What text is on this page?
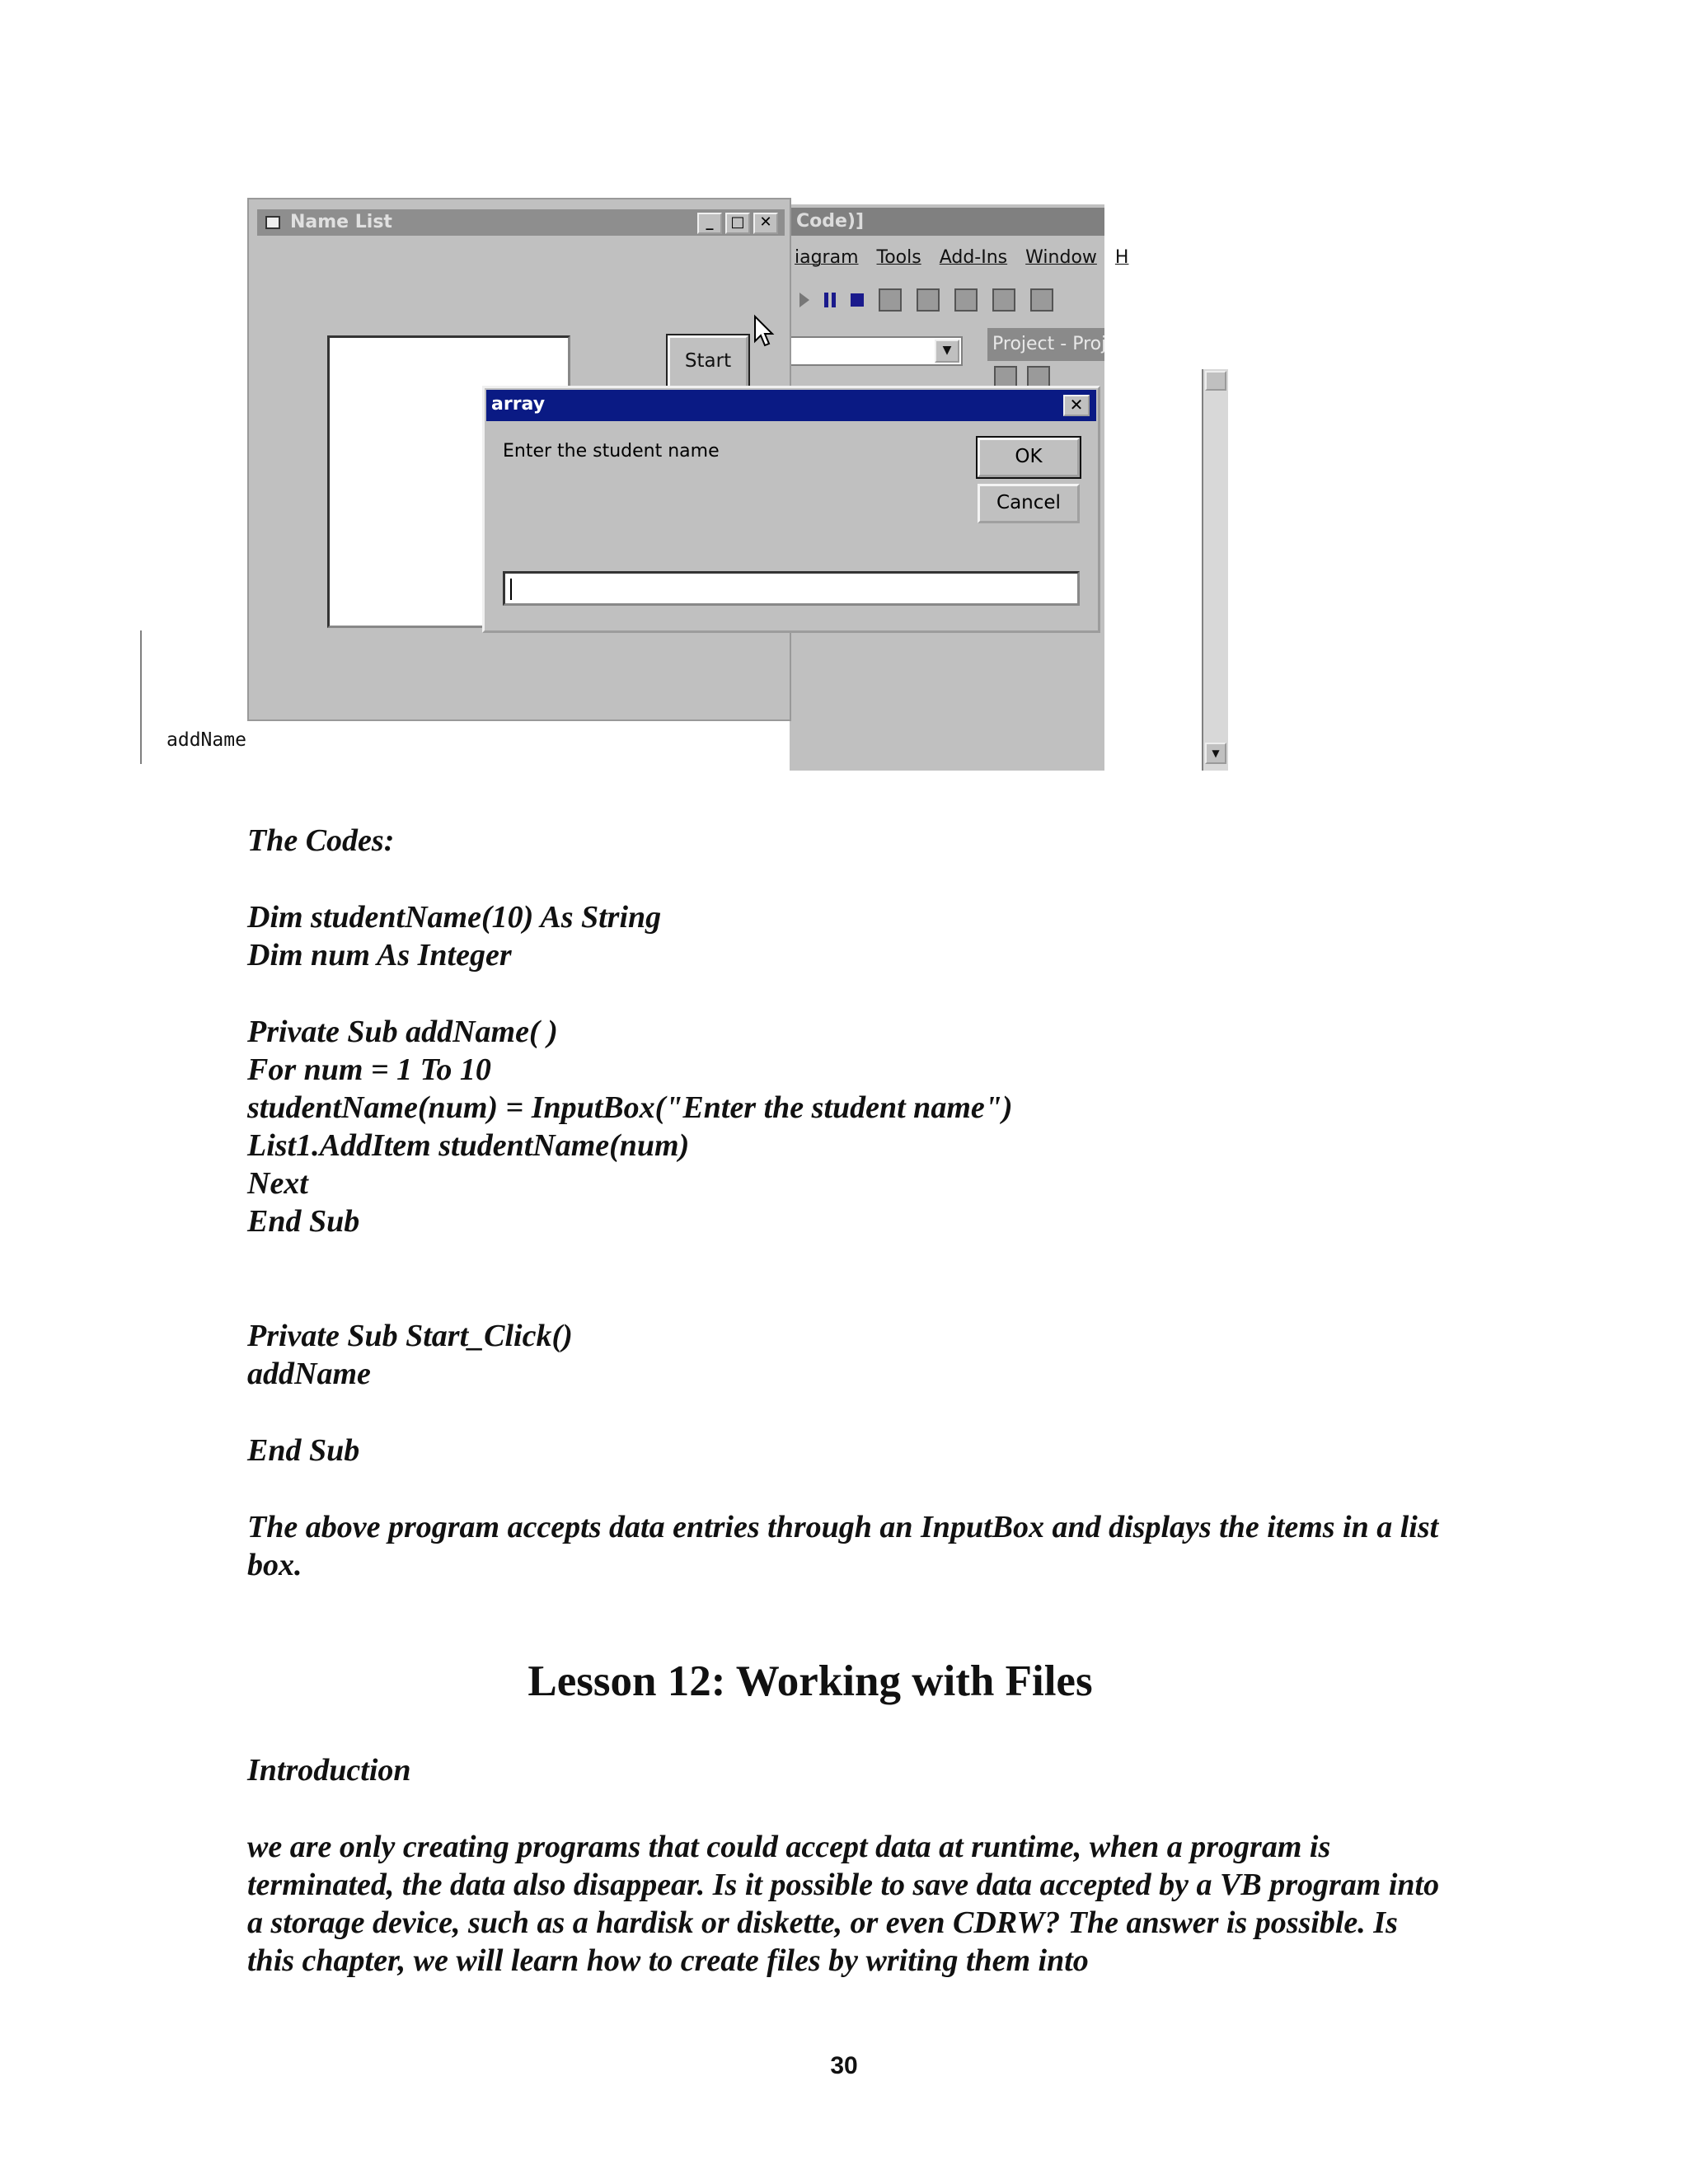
Code)]
iagram Tools Add-Ins Window H
▼	Project - Proj
▼
addName
Name List	_	□ ✕
Start
array	✕
Enter the student name	OK
Cancel
The Codes:
Dim studentName(10) As String
Dim num As Integer
Private Sub addName( )
For num = 1 To 10
studentName(num) = InputBox("Enter the student name")
List1.AddItem studentName(num)
Next
End Sub
Private Sub Start_Click()
addName
End Sub
The above program accepts data entries through an InputBox and displays the items in a list box.
Lesson 12: Working with Files
Introduction
we are only creating programs that could accept data at runtime, when a program is terminated, the data also disappear. Is it possible to save data accepted by a VB program into a storage device, such as a hardisk or diskette, or even CDRW? The answer is possible. Is this chapter, we will learn how to create files by writing them into
30
